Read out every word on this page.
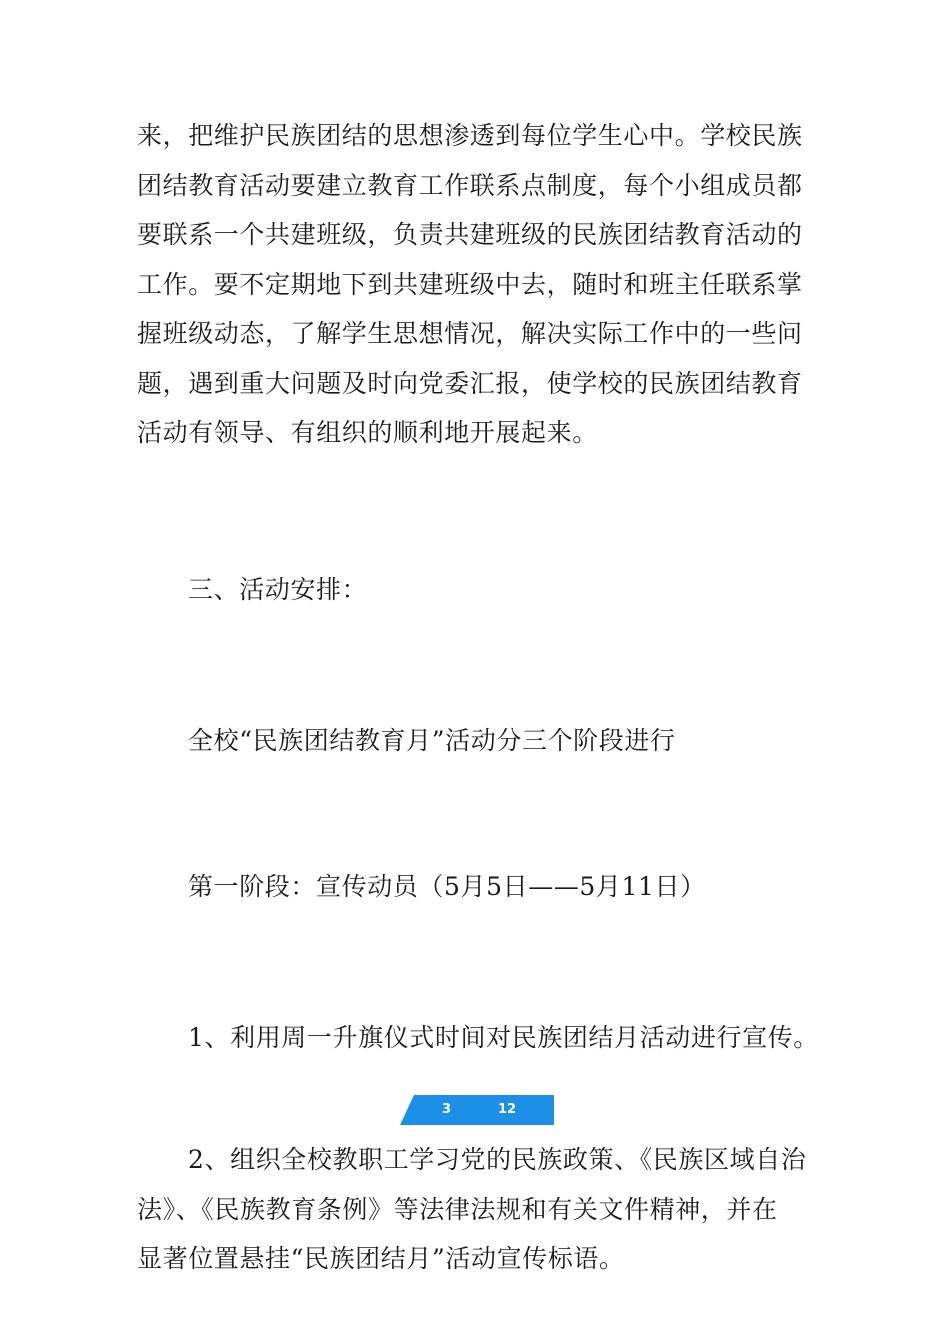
来，把维护民族团结的思想渗透到每位学生心中。学校民族
团结教育活动要建立教育工作联系点制度，每个小组成员都
要联系一个共建班级，负责共建班级的民族团结教育活动的
工作。要不定期地下到共建班级中去，随时和班主任联系掌
握班级动态，了解学生思想情况，解决实际工作中的一些问
题，遇到重大问题及时向党委汇报，使学校的民族团结教育
活动有领导、有组织的顺利地开展起来。

三、活动安排：

全校“民族团结教育月”活动分三个阶段进行

第一阶段：宣传动员（5月5日——5月11日）

1、利用周一升旗仪式时间对民族团结月活动进行宣传。

3	12

2、组织全校教职工学习党的民族政策、《民族区域自治
法》、《民族教育条例》等法律法规和有关文件精神，并在
显著位置悬挂“民族团结月”活动宣传标语。
